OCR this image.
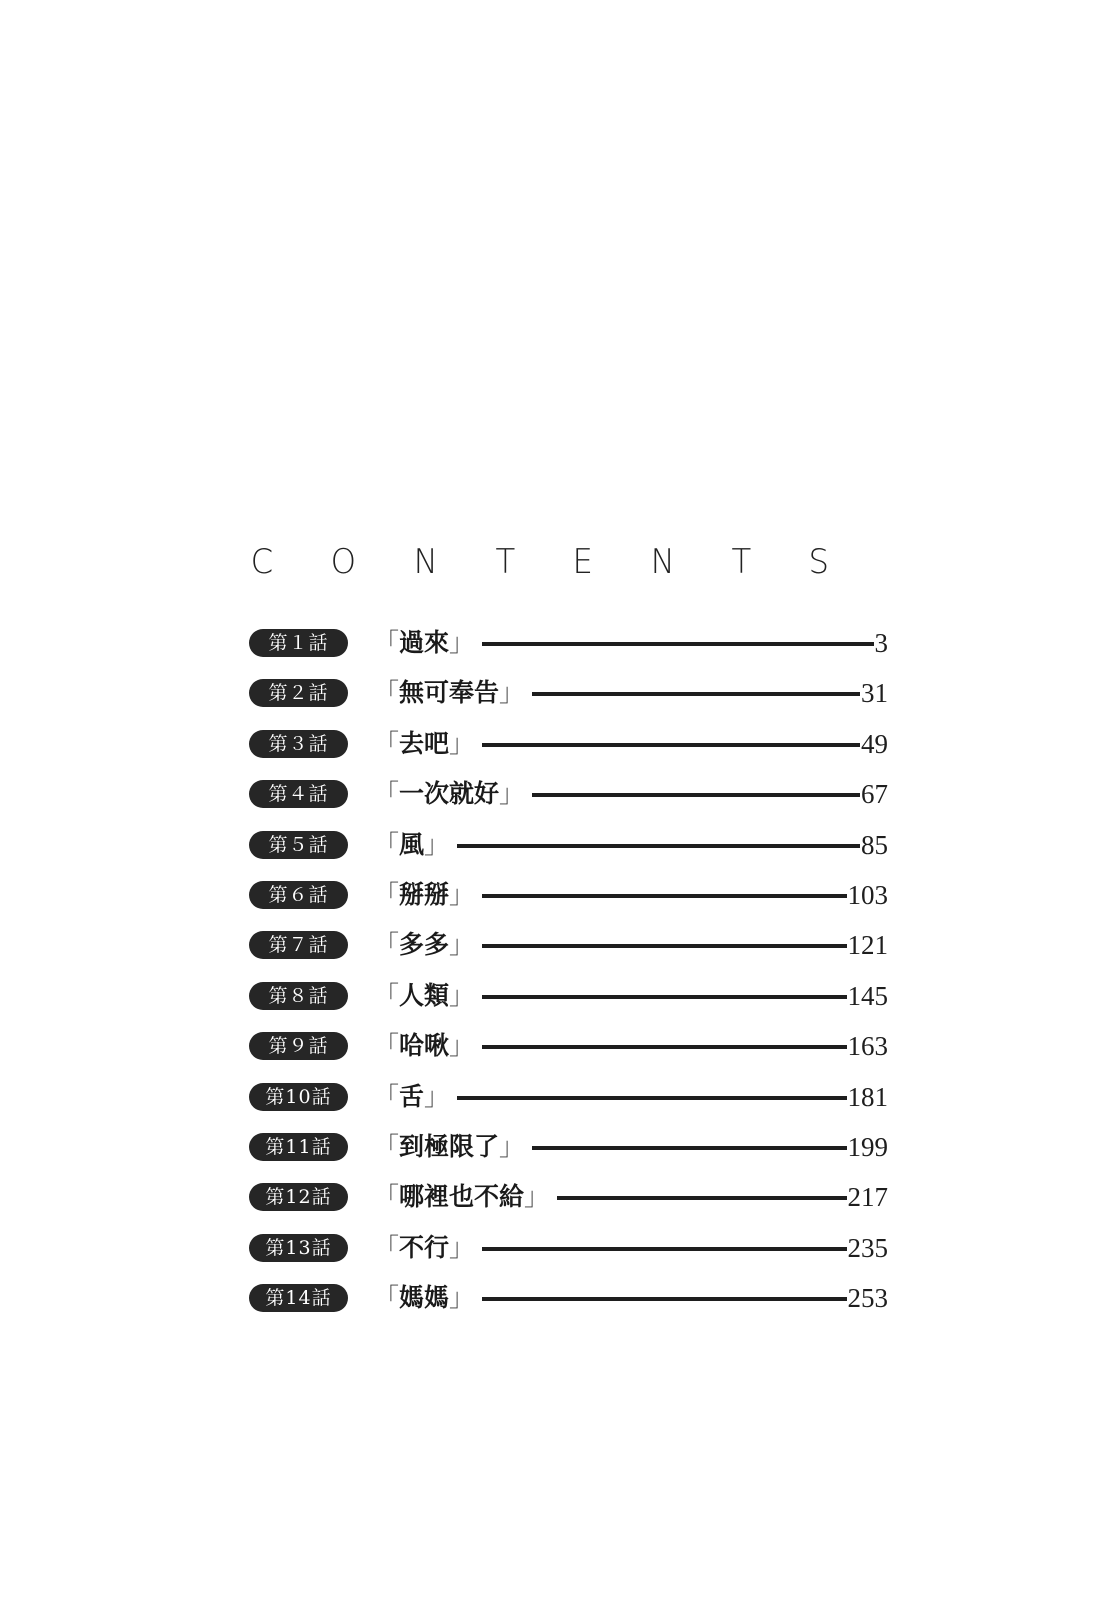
C O N T E N T S
第１話	「過來」	3
第２話	「無可奉告」	31
第３話	「去吧」	49
第４話	「一次就好」	67
第５話	「風」	85
第６話	「掰掰」	103
第７話	「多多」	121
第８話	「人類」	145
第９話	「哈啾」	163
第10話	「舌」	181
第11話	「到極限了」	199
第12話	「哪裡也不給」	217
第13話	「不行」	235
第14話	「媽媽」	253
